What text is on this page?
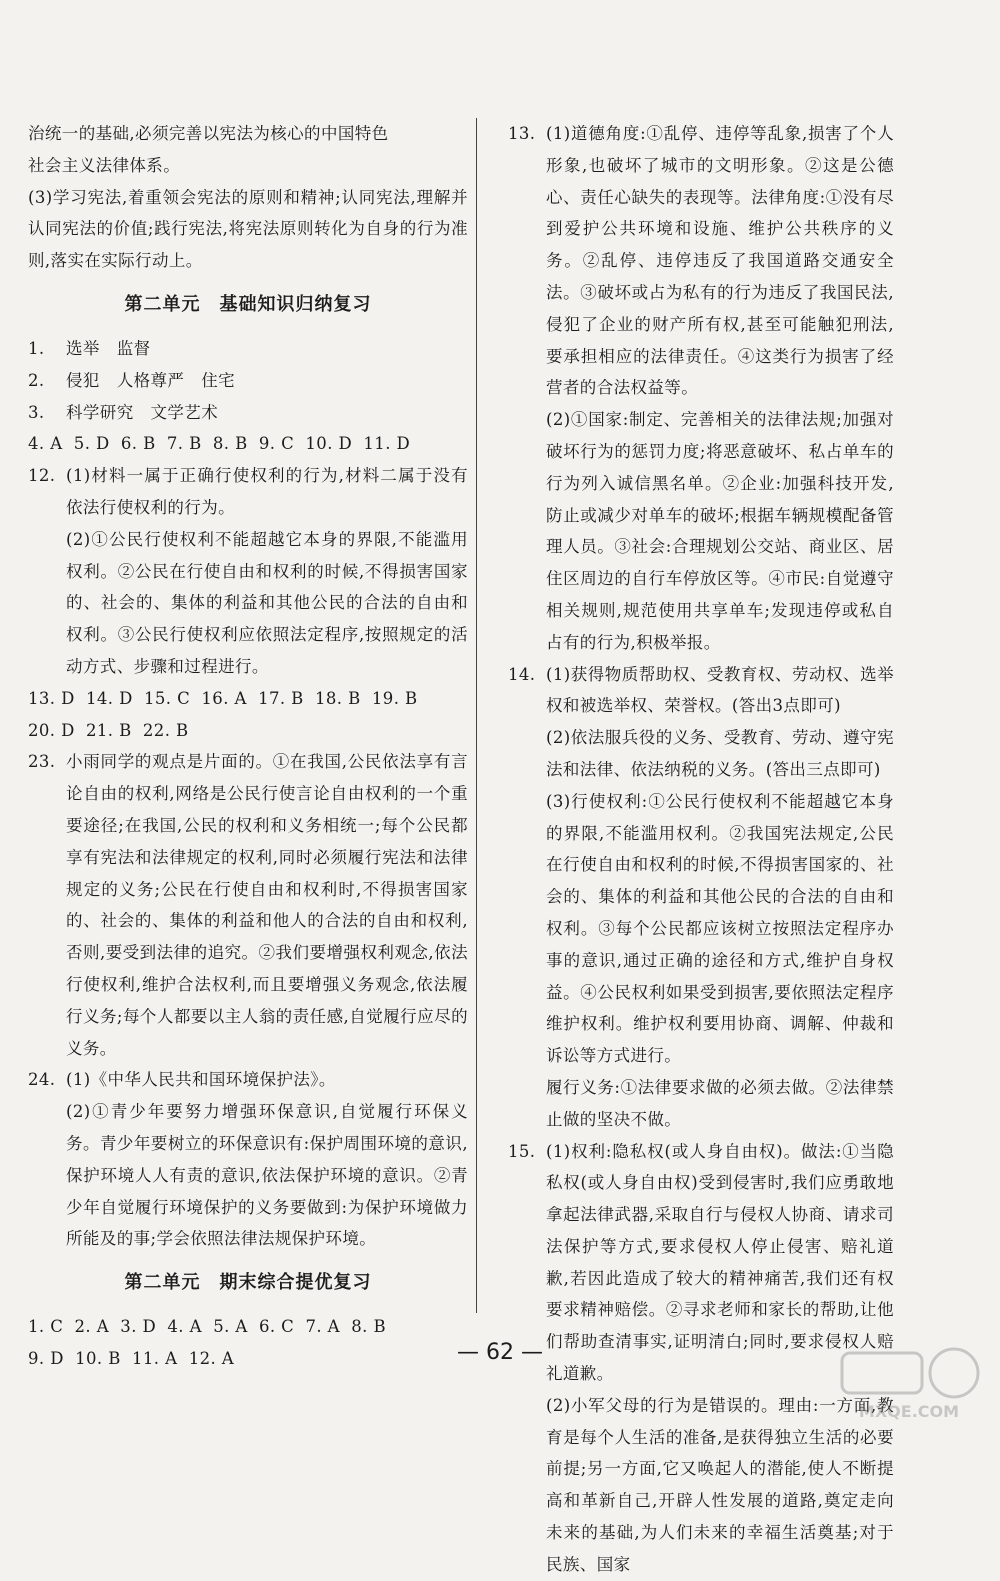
治统一的基础,必须完善以宪法为核心的中国特色

社会主义法律体系。

(3)学习宪法,着重领会宪法的原则和精神;认同宪法,理解并认同宪法的价值;践行宪法,将宪法原则转化为自身的行为准则,落实在实际行动上。

第二单元　基础知识归纳复习
1.	选举　监督
2.	侵犯　人格尊严　住宅
3.	科学研究　文学艺术
4. A  5. D  6. B  7. B  8. B  9. C  10. D  11. D
12. (1)材料一属于正确行使权利的行为,材料二属于没有依法行使权利的行为。

(2)①公民行使权利不能超越它本身的界限,不能滥用权利。②公民在行使自由和权利的时候,不得损害国家的、社会的、集体的利益和其他公民的合法的自由和权利。③公民行使权利应依照法定程序,按照规定的活动方式、步骤和过程进行。

13. D  14. D  15. C  16. A  17. B  18. B  19. B
20. D  21. B  22. B
23. 小雨同学的观点是片面的。①在我国,公民依法享有言论自由的权利,网络是公民行使言论自由权利的一个重要途径;在我国,公民的权利和义务相统一;每个公民都享有宪法和法律规定的权利,同时必须履行宪法和法律规定的义务;公民在行使自由和权利时,不得损害国家的、社会的、集体的利益和他人的合法的自由和权利,否则,要受到法律的追究。②我们要增强权利观念,依法行使权利,维护合法权利,而且要增强义务观念,依法履行义务;每个人都要以主人翁的责任感,自觉履行应尽的义务。
24. (1)《中华人民共和国环境保护法》。

(2)①青少年要努力增强环保意识,自觉履行环保义务。青少年要树立的环保意识有:保护周围环境的意识,保护环境人人有责的意识,依法保护环境的意识。②青少年自觉履行环境保护的义务要做到:为保护环境做力所能及的事;学会依照法律法规保护环境。

第二单元　期末综合提优复习
1. C  2. A  3. D  4. A  5. A  6. C  7. A  8. B
9. D  10. B  11. A  12. A
13. (1)道德角度:①乱停、违停等乱象,损害了个人形象,也破坏了城市的文明形象。②这是公德心、责任心缺失的表现等。法律角度:①没有尽到爱护公共环境和设施、维护公共秩序的义务。②乱停、违停违反了我国道路交通安全法。③破坏或占为私有的行为违反了我国民法,侵犯了企业的财产所有权,甚至可能触犯刑法,要承担相应的法律责任。④这类行为损害了经营者的合法权益等。

(2)①国家:制定、完善相关的法律法规;加强对破坏行为的惩罚力度;将恶意破坏、私占单车的行为列入诚信黑名单。②企业:加强科技开发,防止或减少对单车的破坏;根据车辆规模配备管理人员。③社会:合理规划公交站、商业区、居住区周边的自行车停放区等。④市民:自觉遵守相关规则,规范使用共享单车;发现违停或私自占有的行为,积极举报。

14. (1)获得物质帮助权、受教育权、劳动权、选举权和被选举权、荣誉权。(答出3点即可)

(2)依法服兵役的义务、受教育、劳动、遵守宪法和法律、依法纳税的义务。(答出三点即可)

(3)行使权利:①公民行使权利不能超越它本身的界限,不能滥用权利。②我国宪法规定,公民在行使自由和权利的时候,不得损害国家的、社会的、集体的利益和其他公民的合法的自由和权利。③每个公民都应该树立按照法定程序办事的意识,通过正确的途径和方式,维护自身权益。④公民权利如果受到损害,要依照法定程序维护权利。维护权利要用协商、调解、仲裁和诉讼等方式进行。

履行义务:①法律要求做的必须去做。②法律禁止做的坚决不做。

15. (1)权利:隐私权(或人身自由权)。做法:①当隐私权(或人身自由权)受到侵害时,我们应勇敢地拿起法律武器,采取自行与侵权人协商、请求司法保护等方式,要求侵权人停止侵害、赔礼道歉,若因此造成了较大的精神痛苦,我们还有权要求精神赔偿。②寻求老师和家长的帮助,让他们帮助查清事实,证明清白;同时,要求侵权人赔礼道歉。

(2)小军父母的行为是错误的。理由:一方面,教育是每个人生活的准备,是获得独立生活的必要前提;另一方面,它又唤起人的潜能,使人不断提高和革新自己,开辟人性发展的道路,奠定走向未来的基础,为人们未来的幸福生活奠基;对于民族、国家

— 62 —
MXQE.COM
